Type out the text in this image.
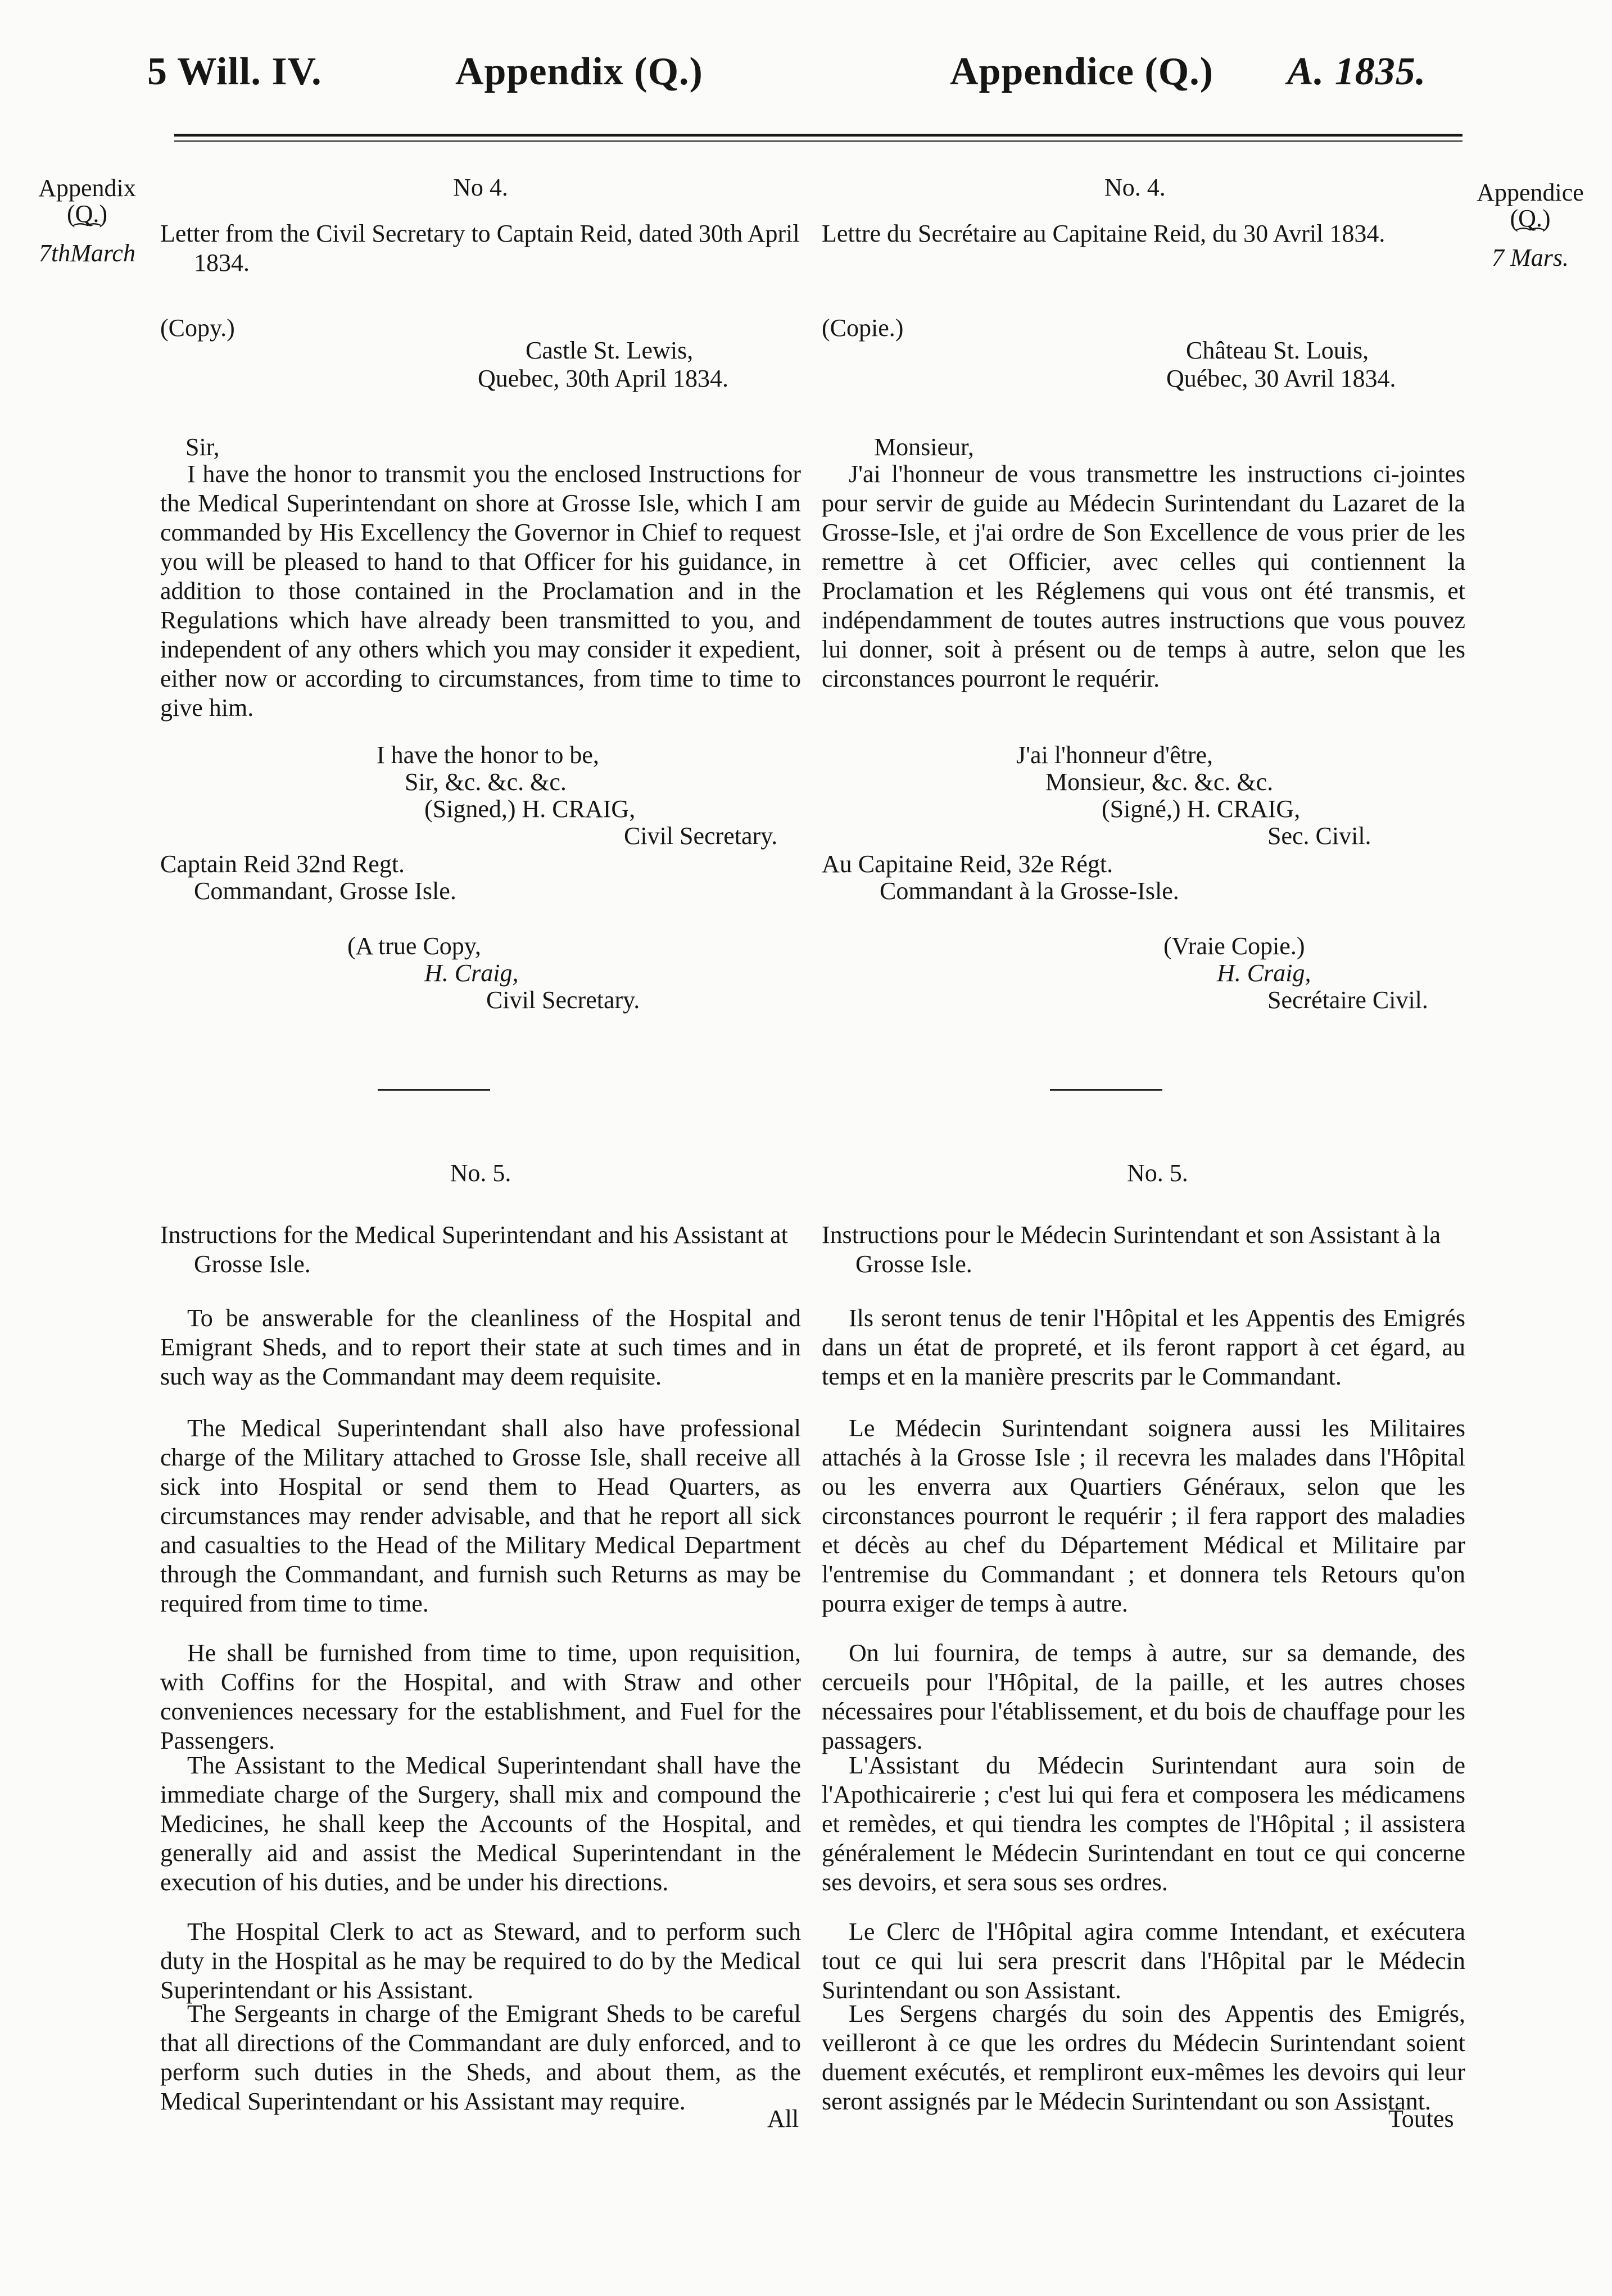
5 Will. IV.	Appendix (Q.)	Appendice (Q.) A. 1835.
Appendix
(Q.)
⁀⁀
7thMarch
Appendice
(Q.)
⁀⁀
7 Mars.
No 4.
Letter from the Civil Secretary to Captain Reid, dated 30th April 1834.
(Copy.)
Castle St. Lewis,
Quebec, 30th April 1834.
Sir,
I have the honor to transmit you the enclosed Instructions for the Medical Superintendant on shore at Grosse Isle, which I am commanded by His Excellency the Governor in Chief to request you will be pleased to hand to that Officer for his guidance, in addition to those contained in the Proclamation and in the Regulations which have already been transmitted to you, and independent of any others which you may consider it expedient, either now or according to circumstances, from time to time to give him.
I have the honor to be,
Sir, &c. &c. &c.
(Signed,) H. CRAIG,
Civil Secretary.
Captain Reid 32nd Regt.
Commandant, Grosse Isle.
(A true Copy,
H. Craig,
Civil Secretary.
No. 5.
Instructions for the Medical Superintendant and his Assistant at Grosse Isle.
To be answerable for the cleanliness of the Hospital and Emigrant Sheds, and to report their state at such times and in such way as the Commandant may deem requisite.
The Medical Superintendant shall also have professional charge of the Military attached to Grosse Isle, shall receive all sick into Hospital or send them to Head Quarters, as circumstances may render advisable, and that he report all sick and casualties to the Head of the Military Medical Department through the Commandant, and furnish such Returns as may be required from time to time.
He shall be furnished from time to time, upon requisition, with Coffins for the Hospital, and with Straw and other conveniences necessary for the establishment, and Fuel for the Passengers.
The Assistant to the Medical Superintendant shall have the immediate charge of the Surgery, shall mix and compound the Medicines, he shall keep the Accounts of the Hospital, and generally aid and assist the Medical Superintendant in the execution of his duties, and be under his directions.
The Hospital Clerk to act as Steward, and to perform such duty in the Hospital as he may be required to do by the Medical Superintendant or his Assistant.
The Sergeants in charge of the Emigrant Sheds to be careful that all directions of the Commandant are duly enforced, and to perform such duties in the Sheds, and about them, as the Medical Superintendant or his Assistant may require.
All
No. 4.
Lettre du Secrétaire au Capitaine Reid, du 30 Avril 1834.
(Copie.)
Château St. Louis,
Québec, 30 Avril 1834.
Monsieur,
J'ai l'honneur de vous transmettre les instructions ci-jointes pour servir de guide au Médecin Surintendant du Lazaret de la Grosse-Isle, et j'ai ordre de Son Excellence de vous prier de les remettre à cet Officier, avec celles qui contiennent la Proclamation et les Réglemens qui vous ont été transmis, et indépendamment de toutes autres instructions que vous pouvez lui donner, soit à présent ou de temps à autre, selon que les circonstances pourront le requérir.
J'ai l'honneur d'être,
Monsieur, &c. &c. &c.
(Signé,) H. CRAIG,
Sec. Civil.
Au Capitaine Reid, 32e Régt.
Commandant à la Grosse-Isle.
(Vraie Copie.)
H. Craig,
Secrétaire Civil.
No. 5.
Instructions pour le Médecin Surintendant et son Assistant à la Grosse Isle.
Ils seront tenus de tenir l'Hôpital et les Appentis des Emigrés dans un état de propreté, et ils feront rapport à cet égard, au temps et en la manière prescrits par le Commandant.
Le Médecin Surintendant soignera aussi les Militaires attachés à la Grosse Isle ; il recevra les malades dans l'Hôpital ou les enverra aux Quartiers Généraux, selon que les circonstances pourront le requérir ; il fera rapport des maladies et décès au chef du Département Médical et Militaire par l'entremise du Commandant ; et donnera tels Retours qu'on pourra exiger de temps à autre.
On lui fournira, de temps à autre, sur sa demande, des cercueils pour l'Hôpital, de la paille, et les autres choses nécessaires pour l'établissement, et du bois de chauffage pour les passagers.
L'Assistant du Médecin Surintendant aura soin de l'Apothicairerie ; c'est lui qui fera et composera les médicamens et remèdes, et qui tiendra les comptes de l'Hôpital ; il assistera généralement le Médecin Surintendant en tout ce qui concerne ses devoirs, et sera sous ses ordres.
Le Clerc de l'Hôpital agira comme Intendant, et exécutera tout ce qui lui sera prescrit dans l'Hôpital par le Médecin Surintendant ou son Assistant.
Les Sergens chargés du soin des Appentis des Emigrés, veilleront à ce que les ordres du Médecin Surintendant soient duement exécutés, et rempliront eux-mêmes les devoirs qui leur seront assignés par le Médecin Surintendant ou son Assistant.
Toutes
